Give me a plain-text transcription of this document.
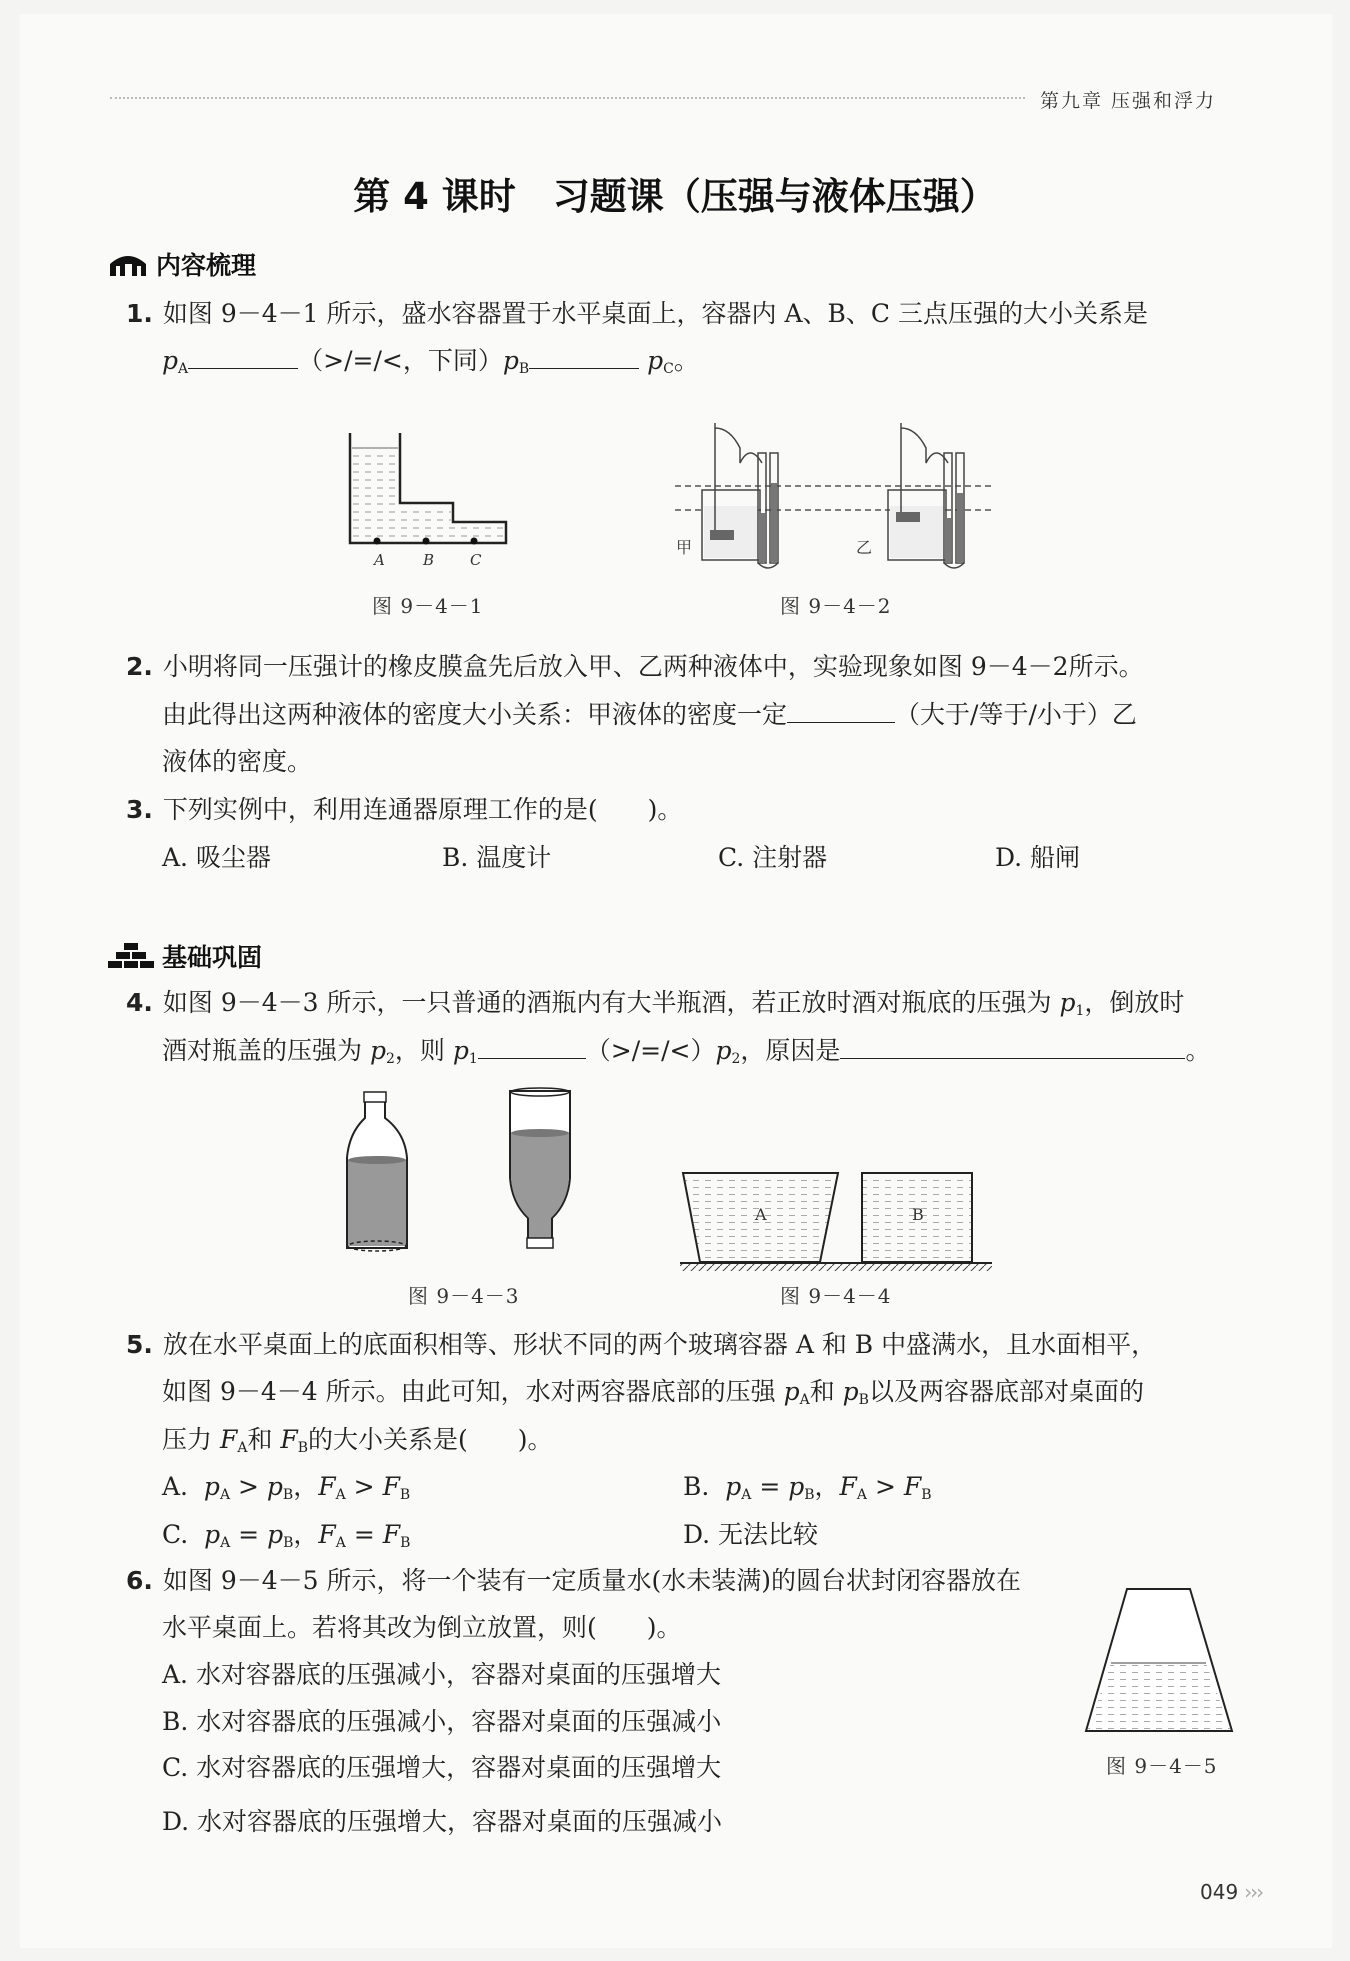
第九章 压强和浮力
第 4 课时　习题课（压强与液体压强）
内容梳理
1. 如图 9－4－1 所示，盛水容器置于水平桌面上，容器内 A、B、C 三点压强的大小关系是
$p_A$	（>/=/<，下同）$p_B$	$p_C$。
A	B C
图 9－4－1
甲	乙
图 9－4－2
2. 小明将同一压强计的橡皮膜盒先后放入甲、乙两种液体中，实验现象如图 9－4－2所示。
由此得出这两种液体的密度大小关系：甲液体的密度一定	（大于/等于/小于）乙
液体的密度。
3. 下列实例中，利用连通器原理工作的是(　　)。
A. 吸尘器	B. 温度计	C. 注射器	D. 船闸
基础巩固
4. 如图 9－4－3 所示，一只普通的酒瓶内有大半瓶酒，若正放时酒对瓶底的压强为 $p_1$，倒放时
酒对瓶盖的压强为 $p_2$，则 $p_1$	$(>/=/<)p_2$，原因是	。
图 9－4－3
A	B
图 9－4－4
5. 放在水平桌面上的底面积相等、形状不同的两个玻璃容器 A 和 B 中盛满水，且水面相平，
如图 9－4－4 所示。由此可知，水对两容器底部的压强 $p_A$和 $p_B$以及两容器底部对桌面的
压力 $F_A$和 $F_B$的大小关系是(　　)。
A. $p_A > p_B$，$F_A > F_B$	B. $p_A = p_B$，$F_A > F_B$
C. $p_A = p_B$，$F_A = F_B$	D. 无法比较
6. 如图 9－4－5 所示，将一个装有一定质量水(水未装满)的圆台状封闭容器放在
水平桌面上。若将其改为倒立放置，则(　　)。
A. 水对容器底的压强减小，容器对桌面的压强增大
B. 水对容器底的压强减小，容器对桌面的压强减小
C. 水对容器底的压强增大，容器对桌面的压强增大
D. 水对容器底的压强增大，容器对桌面的压强减小
图 9－4－5
049 ›››
